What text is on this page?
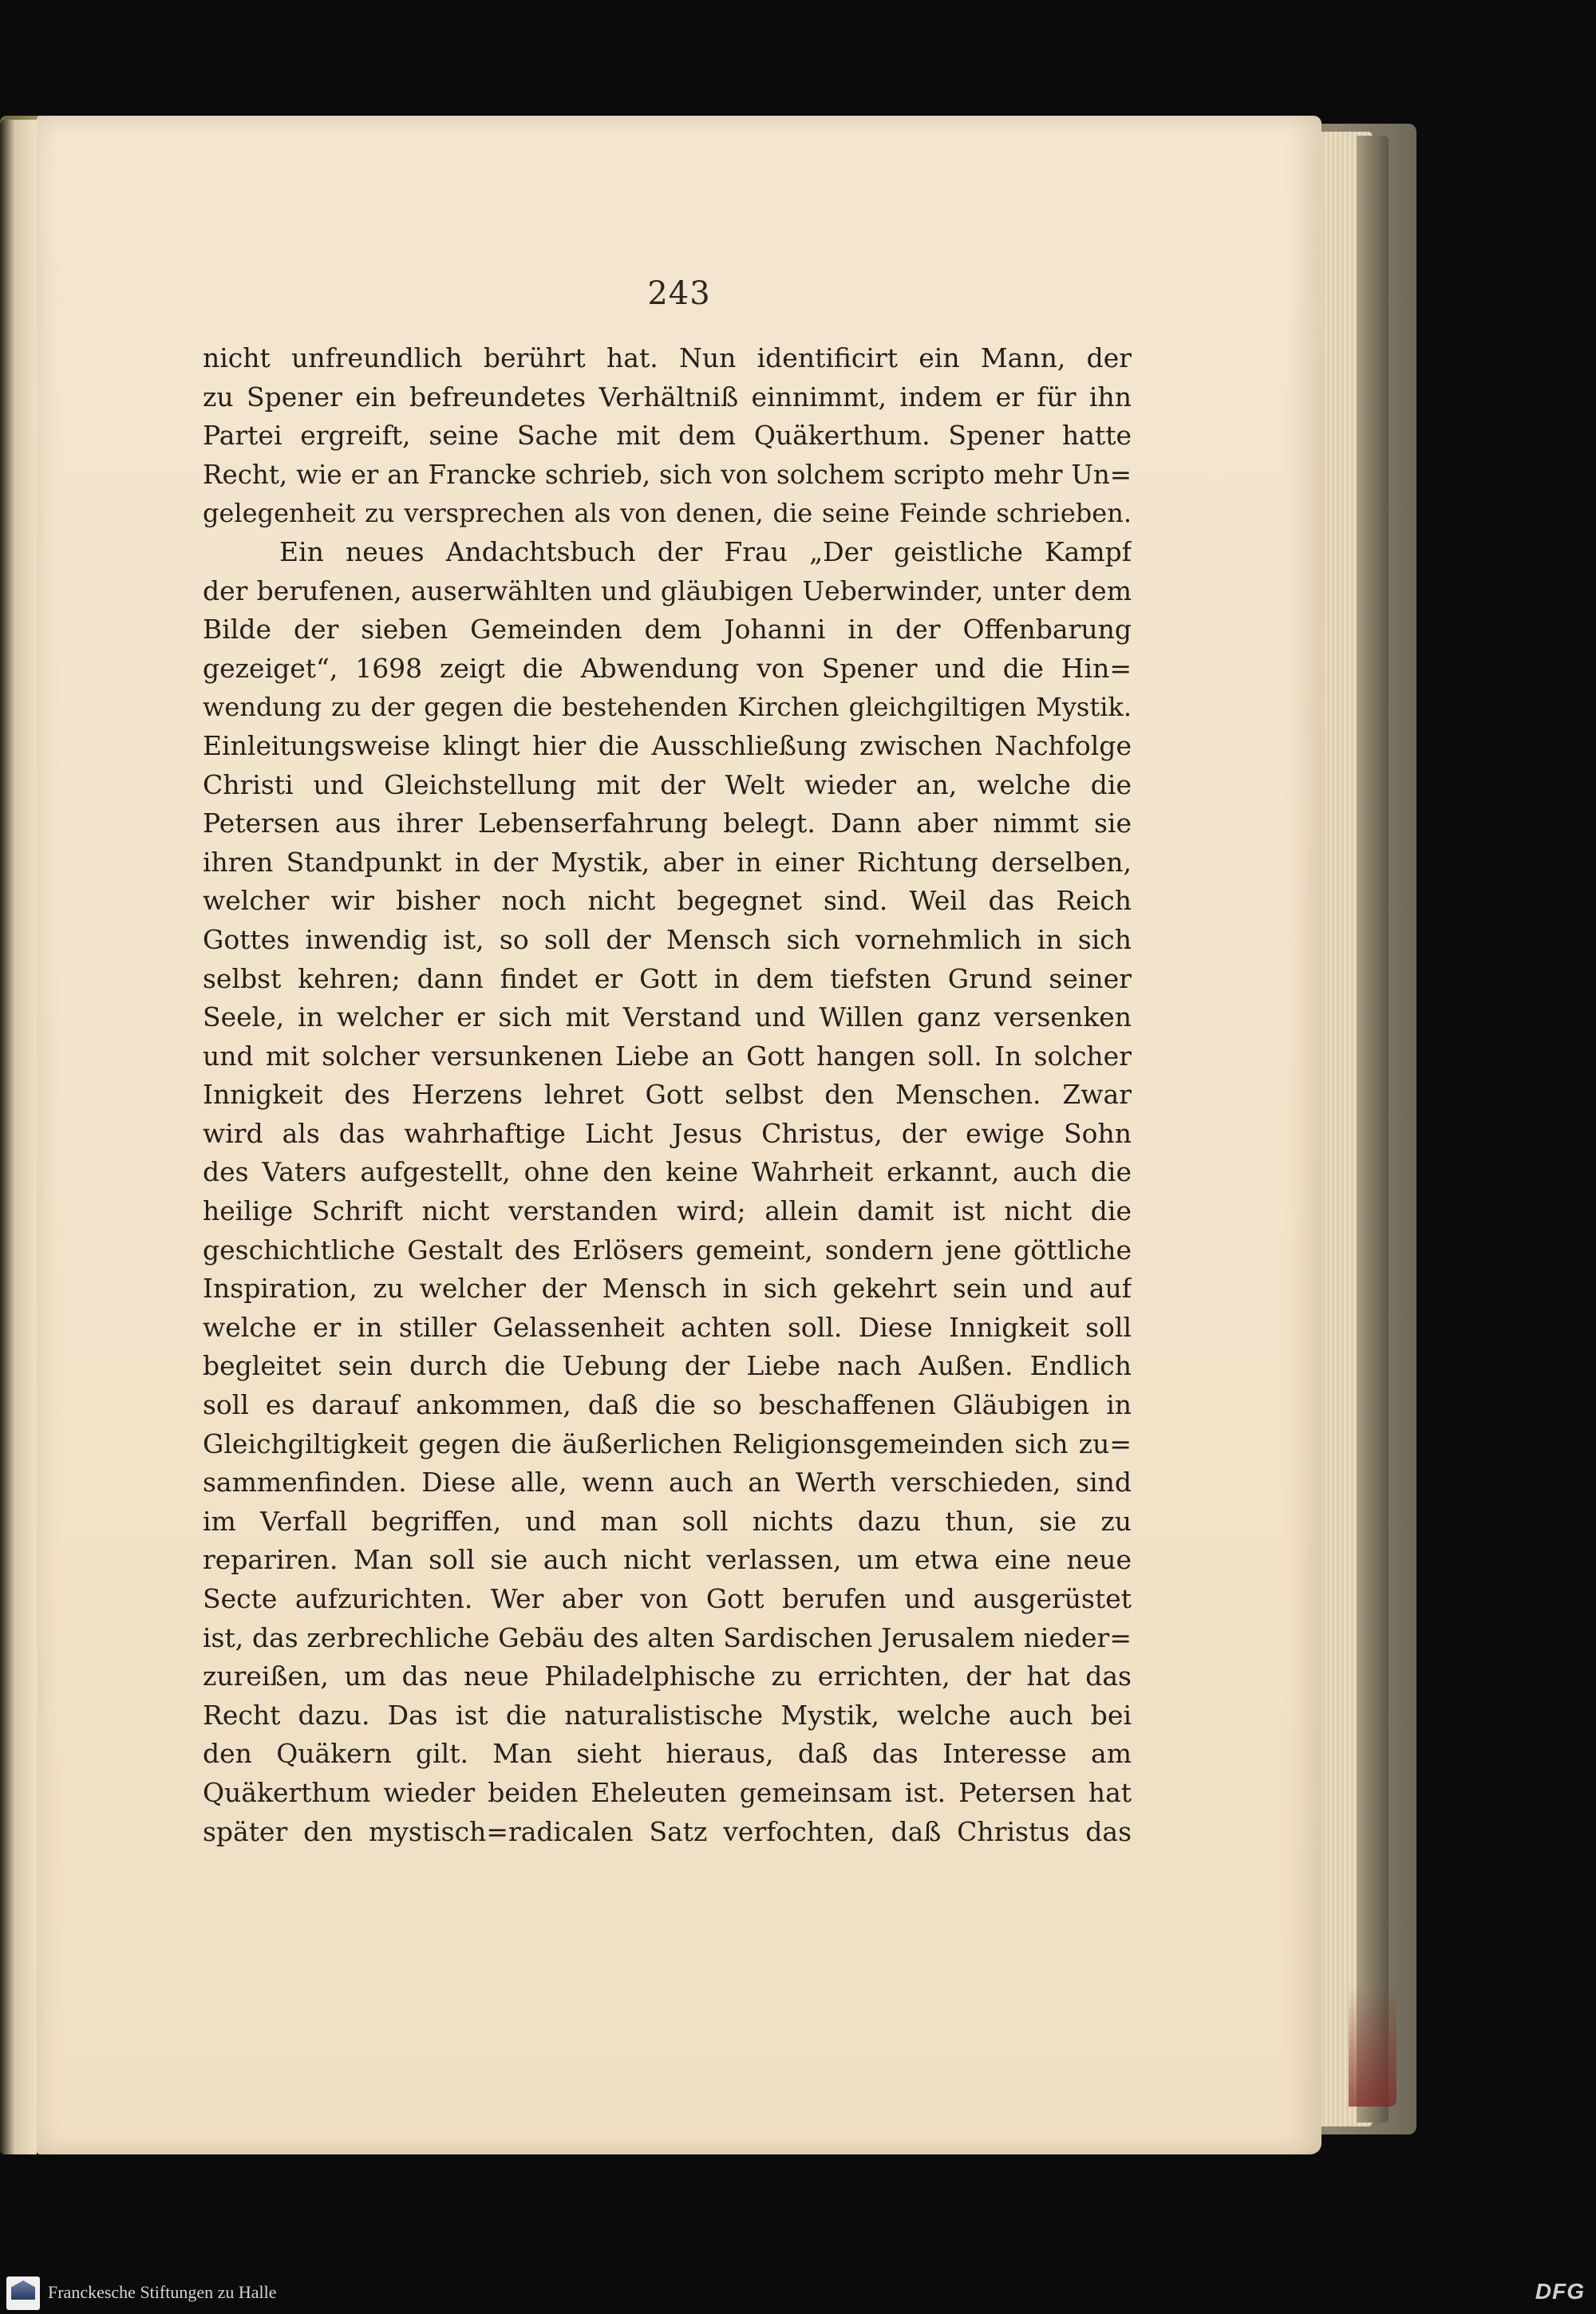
243
nicht unfreundlich berührt hat. Nun identificirt ein Mann, der
zu Spener ein befreundetes Verhältniß einnimmt, indem er für ihn
Partei ergreift, seine Sache mit dem Quäkerthum. Spener hatte
Recht, wie er an Francke schrieb, sich von solchem scripto mehr Un=
gelegenheit zu versprechen als von denen, die seine Feinde schrieben.
Ein neues Andachtsbuch der Frau „Der geistliche Kampf
der berufenen, auserwählten und gläubigen Ueberwinder, unter dem
Bilde der sieben Gemeinden dem Johanni in der Offenbarung
gezeiget“, 1698 zeigt die Abwendung von Spener und die Hin=
wendung zu der gegen die bestehenden Kirchen gleichgiltigen Mystik.
Einleitungsweise klingt hier die Ausschließung zwischen Nachfolge
Christi und Gleichstellung mit der Welt wieder an, welche die
Petersen aus ihrer Lebenserfahrung belegt. Dann aber nimmt sie
ihren Standpunkt in der Mystik, aber in einer Richtung derselben,
welcher wir bisher noch nicht begegnet sind. Weil das Reich
Gottes inwendig ist, so soll der Mensch sich vornehmlich in sich
selbst kehren; dann findet er Gott in dem tiefsten Grund seiner
Seele, in welcher er sich mit Verstand und Willen ganz versenken
und mit solcher versunkenen Liebe an Gott hangen soll. In solcher
Innigkeit des Herzens lehret Gott selbst den Menschen. Zwar
wird als das wahrhaftige Licht Jesus Christus, der ewige Sohn
des Vaters aufgestellt, ohne den keine Wahrheit erkannt, auch die
heilige Schrift nicht verstanden wird; allein damit ist nicht die
geschichtliche Gestalt des Erlösers gemeint, sondern jene göttliche
Inspiration, zu welcher der Mensch in sich gekehrt sein und auf
welche er in stiller Gelassenheit achten soll. Diese Innigkeit soll
begleitet sein durch die Uebung der Liebe nach Außen. Endlich
soll es darauf ankommen, daß die so beschaffenen Gläubigen in
Gleichgiltigkeit gegen die äußerlichen Religionsgemeinden sich zu=
sammenfinden. Diese alle, wenn auch an Werth verschieden, sind
im Verfall begriffen, und man soll nichts dazu thun, sie zu
repariren. Man soll sie auch nicht verlassen, um etwa eine neue
Secte aufzurichten. Wer aber von Gott berufen und ausgerüstet
ist, das zerbrechliche Gebäu des alten Sardischen Jerusalem nieder=
zureißen, um das neue Philadelphische zu errichten, der hat das
Recht dazu. Das ist die naturalistische Mystik, welche auch bei
den Quäkern gilt. Man sieht hieraus, daß das Interesse am
Quäkerthum wieder beiden Eheleuten gemeinsam ist. Petersen hat
später den mystisch=radicalen Satz verfochten, daß Christus das
Franckesche Stiftungen zu Halle	DFG
